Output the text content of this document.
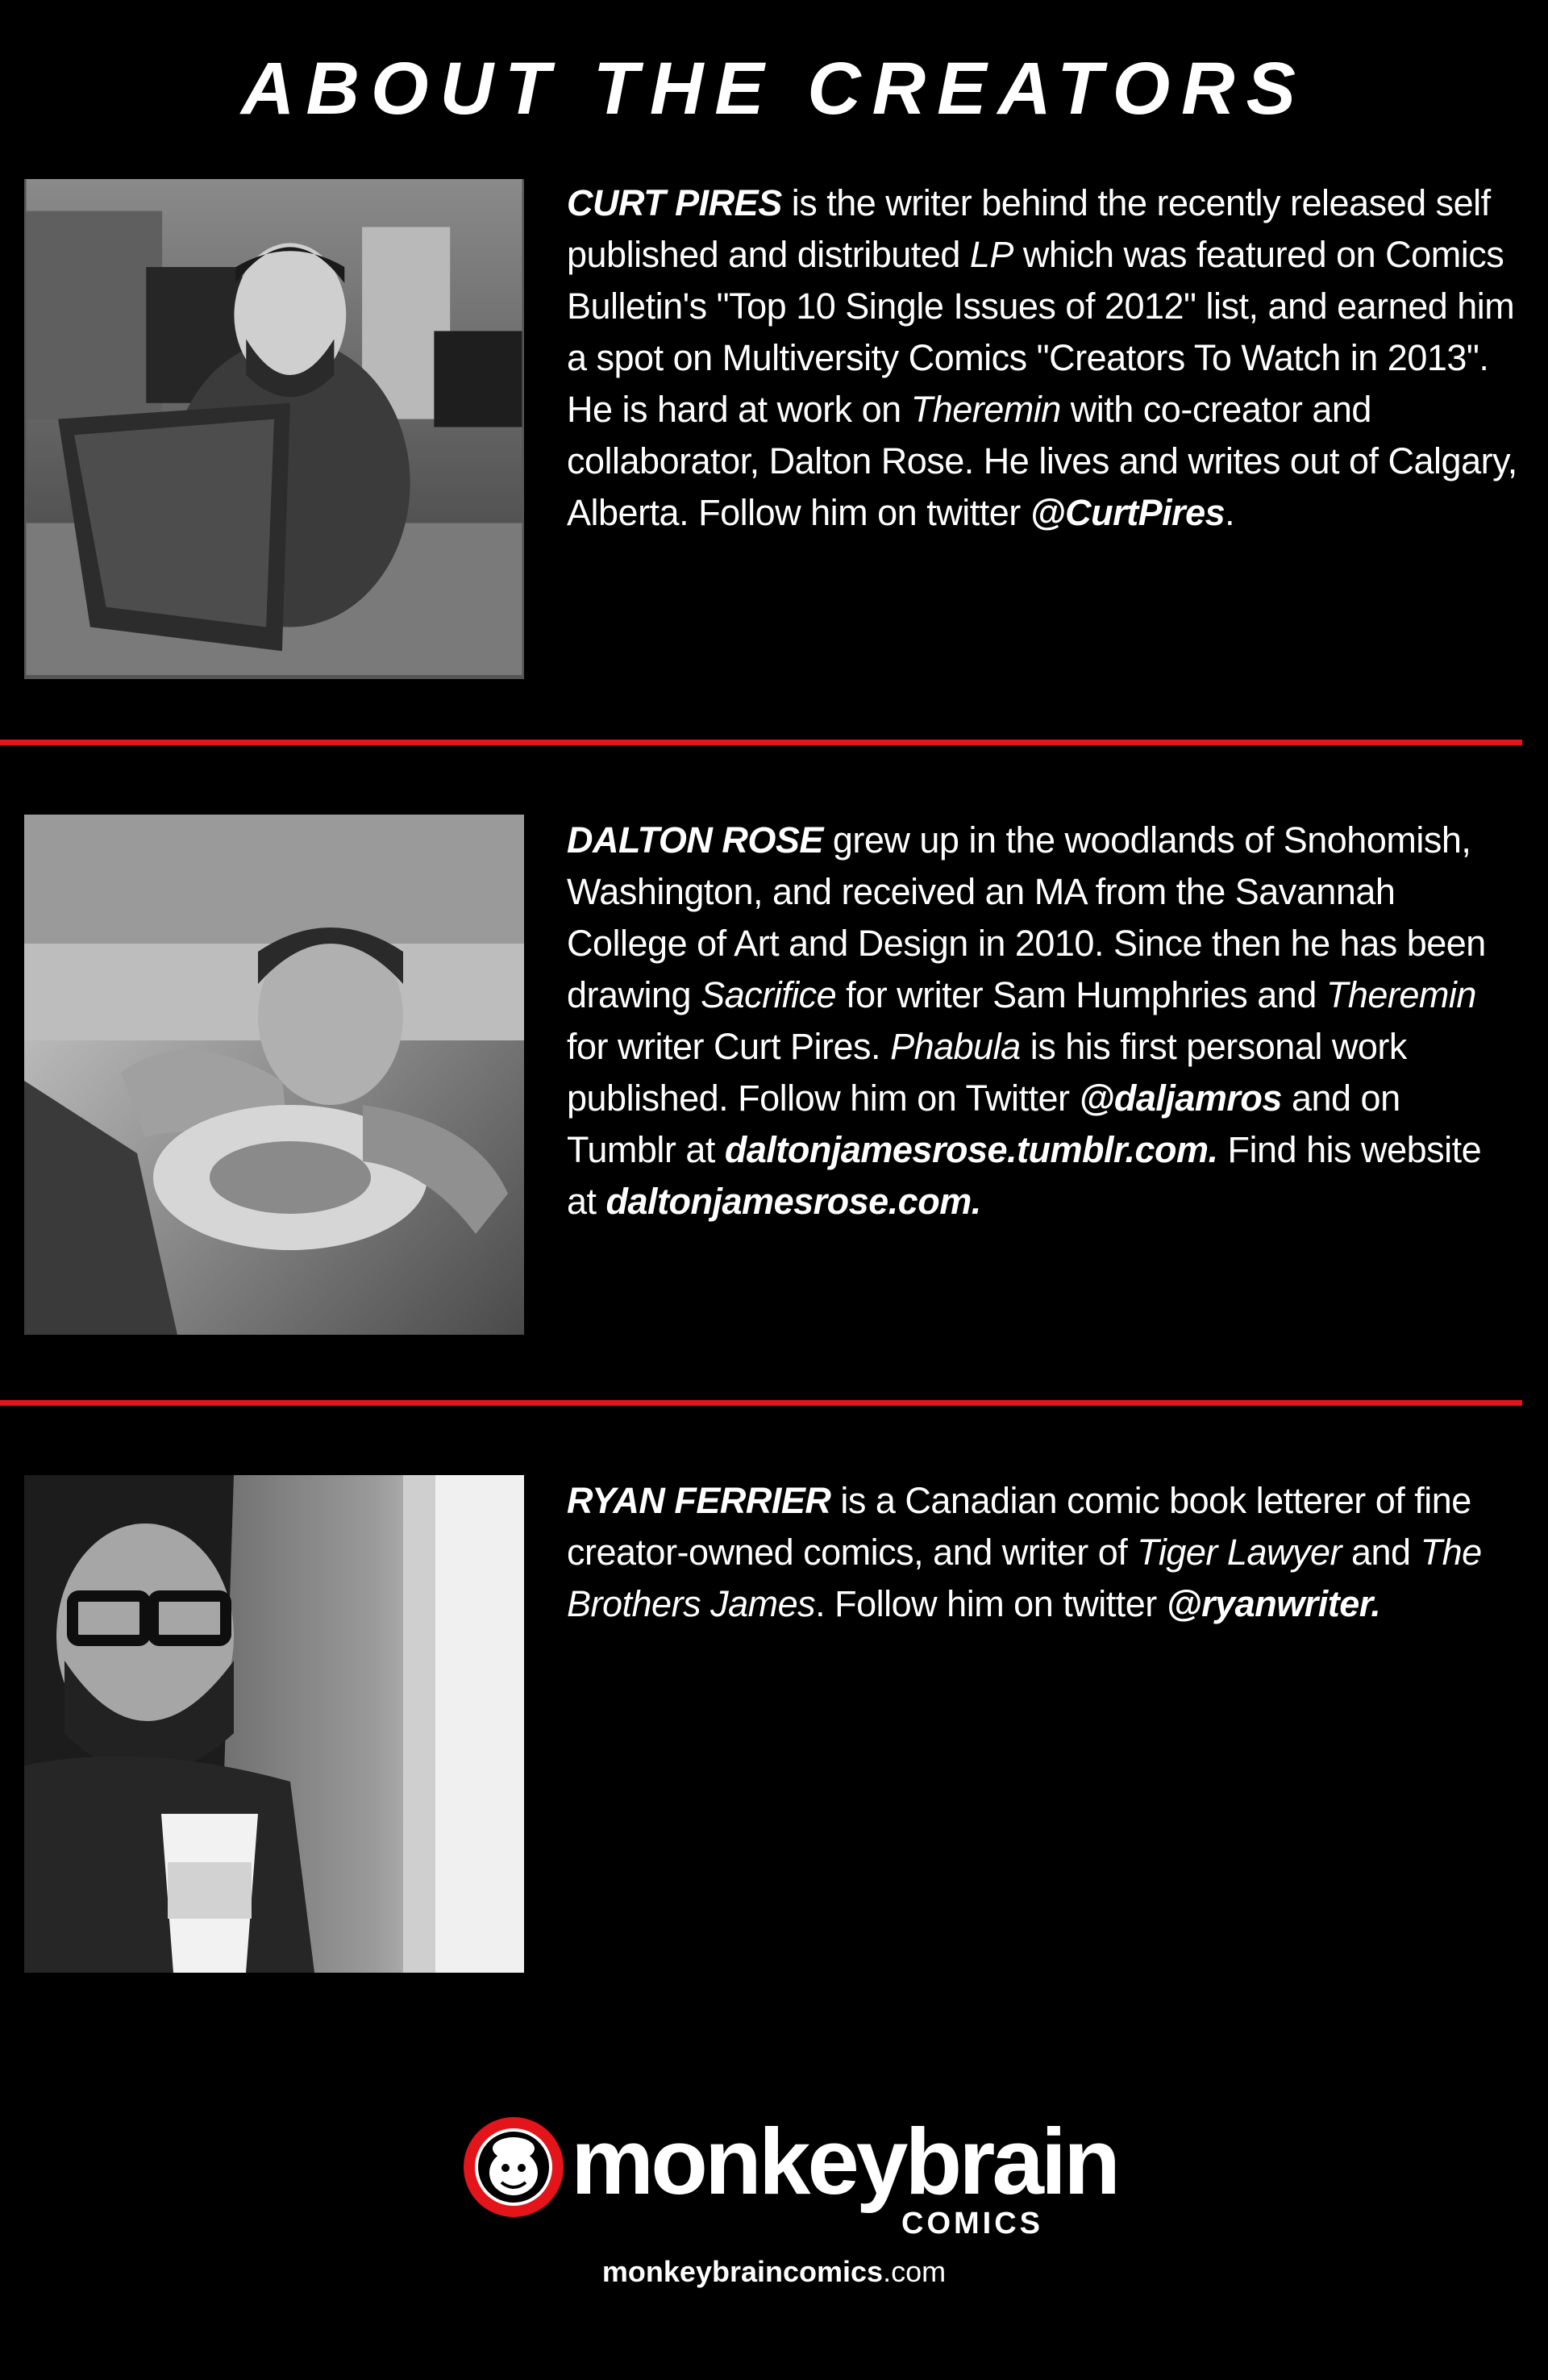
ABOUT THE CREATORS
CURT PIRES is the writer behind the recently released self published and distributed LP which was featured on Comics Bulletin's "Top 10 Single Issues of 2012" list, and earned him a spot on Multiversity Comics "Creators To Watch in 2013". He is hard at work on Theremin with co-creator and collaborator, Dalton Rose. He lives and writes out of Calgary, Alberta. Follow him on twitter @CurtPires.
DALTON ROSE grew up in the woodlands of Snohomish, Washington, and received an MA from the Savannah College of Art and Design in 2010. Since then he has been drawing Sacrifice for writer Sam Humphries and Theremin for writer Curt Pires. Phabula is his first personal work published. Follow him on Twitter @daljamros and on Tumblr at daltonjamesrose.tumblr.com. Find his website at daltonjamesrose.com.
RYAN FERRIER is a Canadian comic book letterer of fine creator-owned comics, and writer of Tiger Lawyer and The Brothers James. Follow him on twitter @ryanwriter.
monkeybrain
COMICS
monkeybraincomics.com
